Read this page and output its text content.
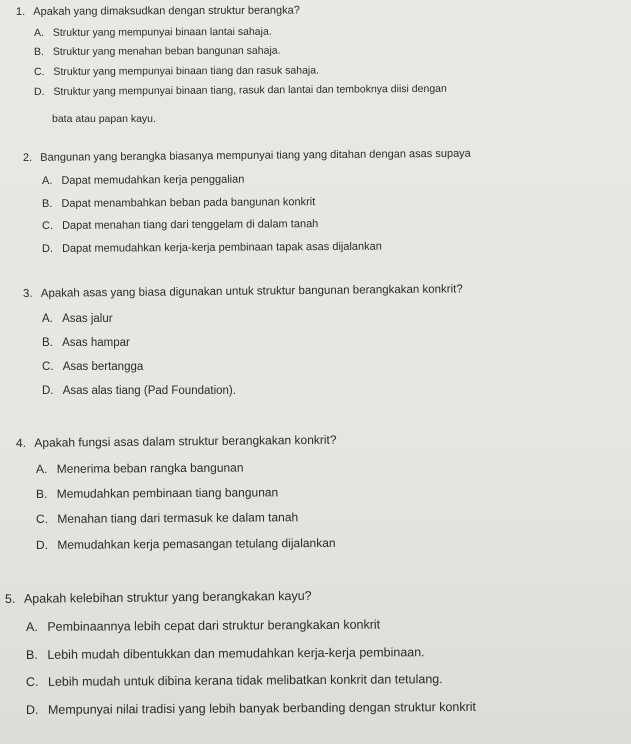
1. Apakah yang dimaksudkan dengan struktur berangka?
A. Struktur yang mempunyai binaan lantai sahaja.
B. Struktur yang menahan beban bangunan sahaja.
C. Struktur yang mempunyai binaan tiang dan rasuk sahaja.
D. Struktur yang mempunyai binaan tiang, rasuk dan lantai dan temboknya diisi dengan
bata atau papan kayu.
2. Bangunan yang berangka biasanya mempunyai tiang yang ditahan dengan asas supaya
A. Dapat memudahkan kerja penggalian
B. Dapat menambahkan beban pada bangunan konkrit
C. Dapat menahan tiang dari tenggelam di dalam tanah
D. Dapat memudahkan kerja-kerja pembinaan tapak asas dijalankan
3. Apakah asas yang biasa digunakan untuk struktur bangunan berangkakan konkrit?
A. Asas jalur
B. Asas hampar
C. Asas bertangga
D. Asas alas tiang (Pad Foundation).
4. Apakah fungsi asas dalam struktur berangkakan konkrit?
A. Menerima beban rangka bangunan
B. Memudahkan pembinaan tiang bangunan
C. Menahan tiang dari termasuk ke dalam tanah
D. Memudahkan kerja pemasangan tetulang dijalankan
5. Apakah kelebihan struktur yang berangkakan kayu?
A. Pembinaannya lebih cepat dari struktur berangkakan konkrit
B. Lebih mudah dibentukkan dan memudahkan kerja-kerja pembinaan.
C. Lebih mudah untuk dibina kerana tidak melibatkan konkrit dan tetulang.
D. Mempunyai nilai tradisi yang lebih banyak berbanding dengan struktur konkrit
